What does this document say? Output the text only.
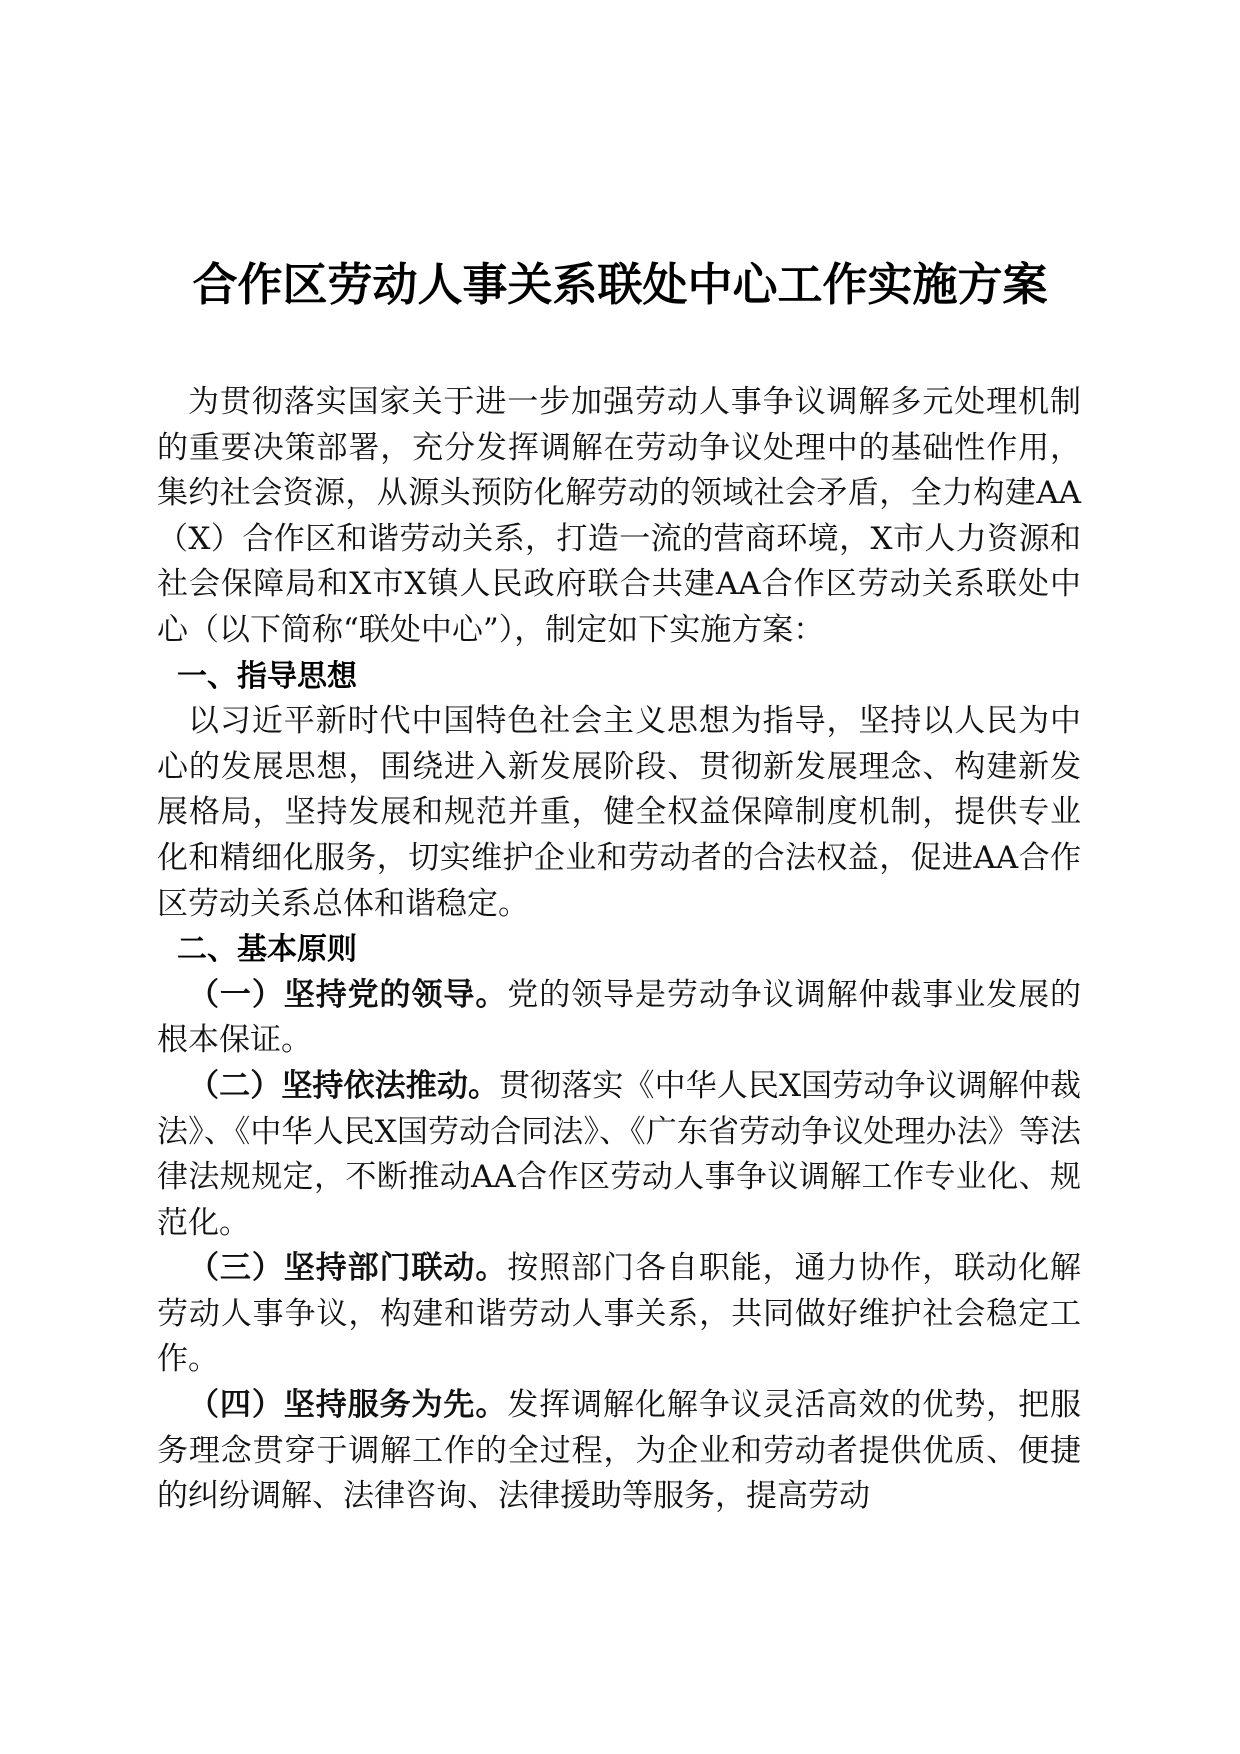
合作区劳动人事关系联处中心工作实施方案

为贯彻落实国家关于进一步加强劳动人事争议调解多元处理机制的重要决策部署，充分发挥调解在劳动争议处理中的基础性作用，集约社会资源，从源头预防化解劳动的领域社会矛盾，全力构建AA（X）合作区和谐劳动关系，打造一流的营商环境，X市人力资源和社会保障局和X市X镇人民政府联合共建AA合作区劳动关系联处中心（以下简称“联处中心”），制定如下实施方案：

一、指导思想

以习近平新时代中国特色社会主义思想为指导，坚持以人民为中心的发展思想，围绕进入新发展阶段、贯彻新发展理念、构建新发展格局，坚持发展和规范并重，健全权益保障制度机制，提供专业化和精细化服务，切实维护企业和劳动者的合法权益，促进AA合作区劳动关系总体和谐稳定。

二、基本原则

（一）坚持党的领导。党的领导是劳动争议调解仲裁事业发展的根本保证。

（二）坚持依法推动。贯彻落实《中华人民X国劳动争议调解仲裁法》、《中华人民X国劳动合同法》、《广东省劳动争议处理办法》等法律法规规定，不断推动AA合作区劳动人事争议调解工作专业化、规范化。

（三）坚持部门联动。按照部门各自职能，通力协作，联动化解劳动人事争议，构建和谐劳动人事关系，共同做好维护社会稳定工作。

（四）坚持服务为先。发挥调解化解争议灵活高效的优势，把服务理念贯穿于调解工作的全过程，为企业和劳动者提供优质、便捷的纠纷调解、法律咨询、法律援助等服务，提高劳动
